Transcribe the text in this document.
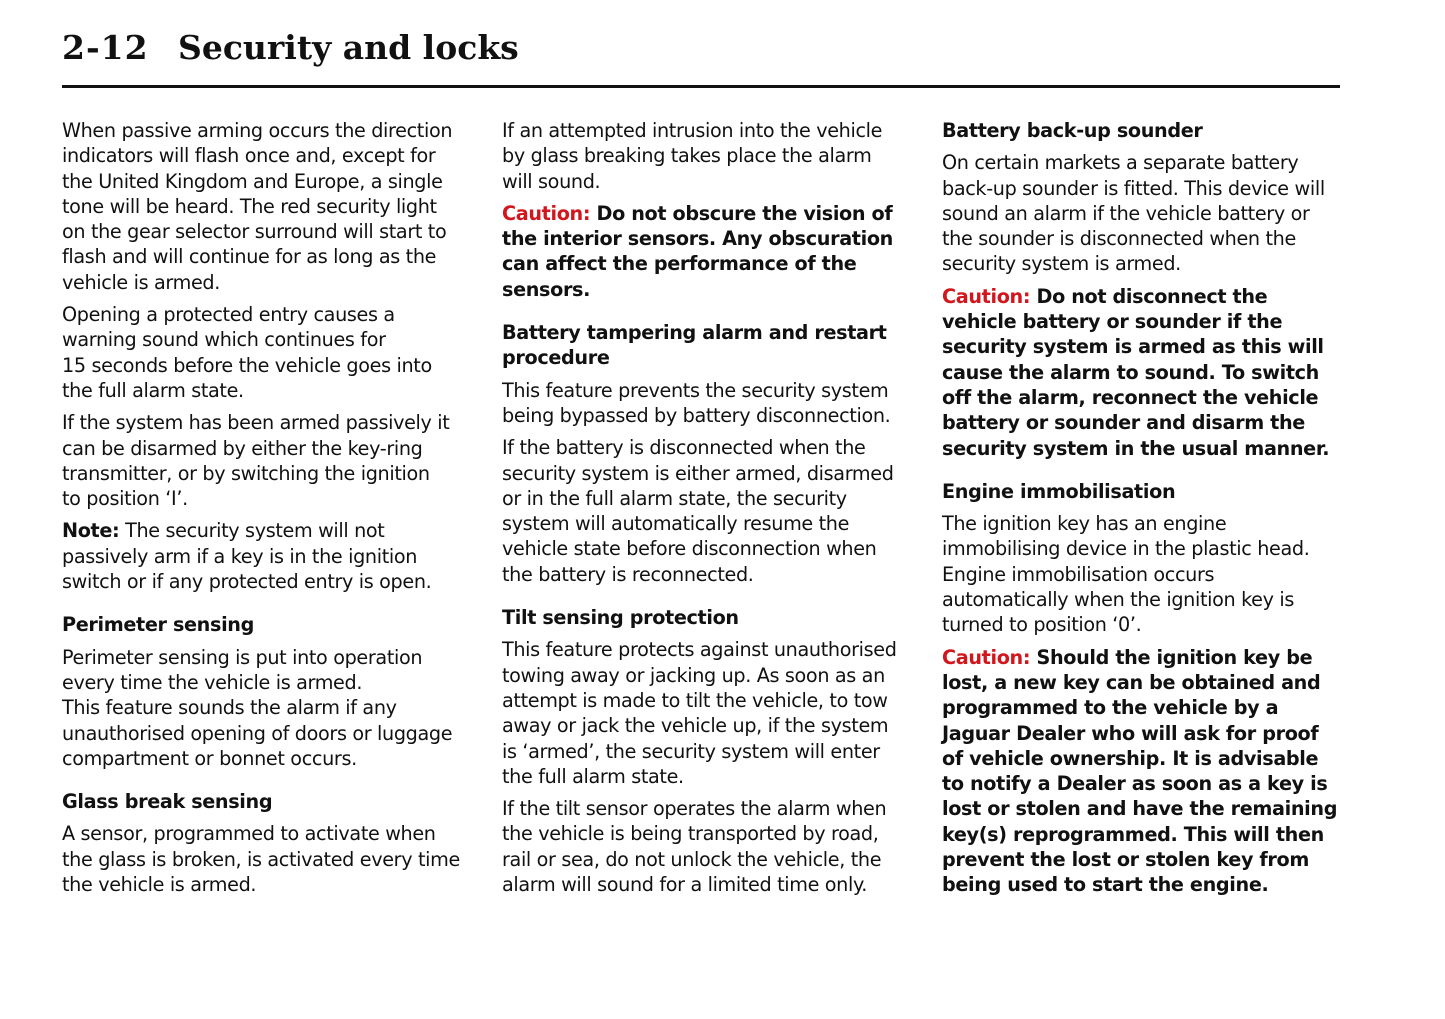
2-12 Security and locks

When passive arming occurs the direction
indicators will flash once and, except for
the United Kingdom and Europe, a single
tone will be heard. The red security light
on the gear selector surround will start to
flash and will continue for as long as the
vehicle is armed.

Opening a protected entry causes a
warning sound which continues for
15 seconds before the vehicle goes into
the full alarm state.

If the system has been armed passively it
can be disarmed by either the key-ring
transmitter, or by switching the ignition
to position ‘I’.

Note: The security system will not
passively arm if a key is in the ignition
switch or if any protected entry is open.

Perimeter sensing

Perimeter sensing is put into operation
every time the vehicle is armed.
This feature sounds the alarm if any
unauthorised opening of doors or luggage
compartment or bonnet occurs.

Glass break sensing

A sensor, programmed to activate when
the glass is broken, is activated every time
the vehicle is armed.

If an attempted intrusion into the vehicle
by glass breaking takes place the alarm
will sound.

Caution: Do not obscure the vision of
the interior sensors. Any obscuration
can affect the performance of the
sensors.

Battery tampering alarm and restart
procedure

This feature prevents the security system
being bypassed by battery disconnection.

If the battery is disconnected when the
security system is either armed, disarmed
or in the full alarm state, the security
system will automatically resume the
vehicle state before disconnection when
the battery is reconnected.

Tilt sensing protection

This feature protects against unauthorised
towing away or jacking up. As soon as an
attempt is made to tilt the vehicle, to tow
away or jack the vehicle up, if the system
is ‘armed’, the security system will enter
the full alarm state.

If the tilt sensor operates the alarm when
the vehicle is being transported by road,
rail or sea, do not unlock the vehicle, the
alarm will sound for a limited time only.

Battery back-up sounder

On certain markets a separate battery
back-up sounder is fitted. This device will
sound an alarm if the vehicle battery or
the sounder is disconnected when the
security system is armed.

Caution: Do not disconnect the
vehicle battery or sounder if the
security system is armed as this will
cause the alarm to sound. To switch
off the alarm, reconnect the vehicle
battery or sounder and disarm the
security system in the usual manner.

Engine immobilisation

The ignition key has an engine
immobilising device in the plastic head.
Engine immobilisation occurs
automatically when the ignition key is
turned to position ‘0’.

Caution: Should the ignition key be
lost, a new key can be obtained and
programmed to the vehicle by a
Jaguar Dealer who will ask for proof
of vehicle ownership. It is advisable
to notify a Dealer as soon as a key is
lost or stolen and have the remaining
key(s) reprogrammed. This will then
prevent the lost or stolen key from
being used to start the engine.
